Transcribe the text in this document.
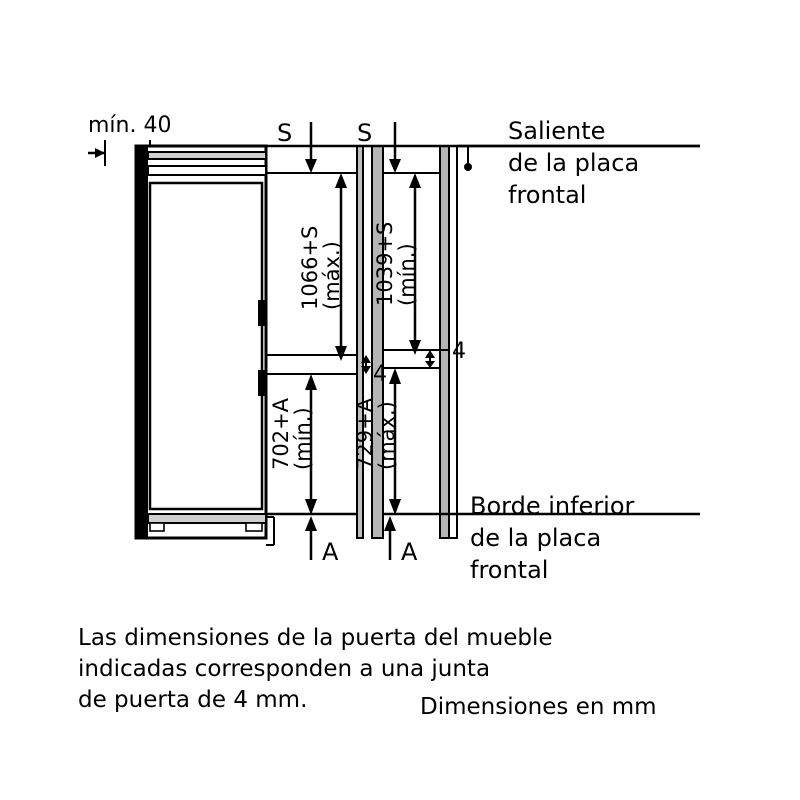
mín. 40	S	S
1066+S
(máx.) 1039+S
(mín.)
4
4
702+A
(mín.) 729+A
(máx.)
A	A
Saliente
de la placa
frontal
Borde inferior
de la placa
frontal
Las dimensiones de la puerta del mueble
indicadas corresponden a una junta
de puerta de 4 mm.	Dimensiones en mm
